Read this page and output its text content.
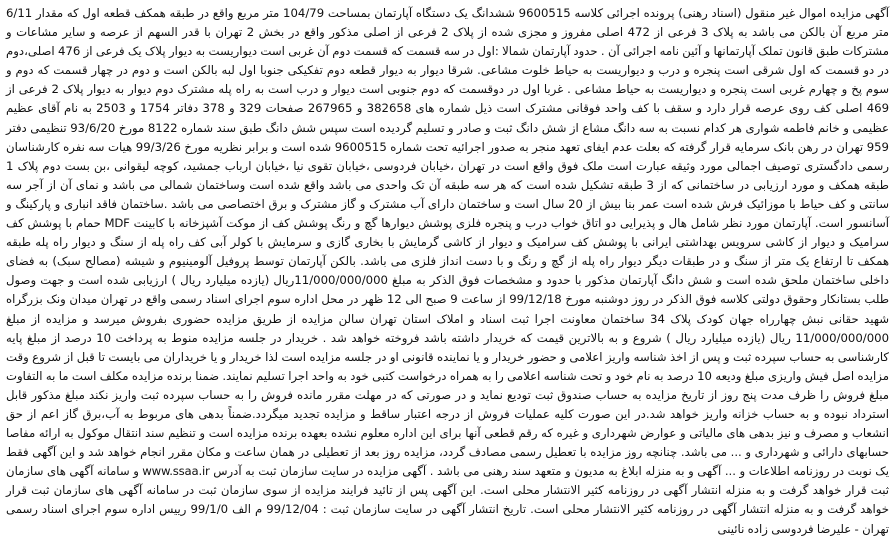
آگهی مزایده اموال غیر منقول (اسناد رهنی) پرونده اجرائی کلاسه 9600515 ششدانگ یک دستگاه آپارتمان بمساحت 104/79 متر مربع واقع در طبقه همکف قطعه اول که مقدار 6/11 متر مربع آن بالکن می باشد به پلاک 3 فرعی از 472 اصلی مفروز و مجزی شده از پلاک 2 فرعی از اصلی مذکور واقع در بخش 2 تهران با قدر السهم از عرصه و سایر مشاعات و مشترکات طبق قانون تملک آپارتمانها و آئین نامه اجرائی آن . حدود آپارتمان شمالا :اول در سه قسمت که قسمت دوم آن غربی است دیواریست به دیوار پلاک یک فرعی از 476 اصلی،دوم در دو قسمت که اول شرقی است پنجره و درب و دیواریست به حیاط خلوت مشاعی. شرقا دیوار به دیوار قطعه دوم تفکیکی جنوبا اول لبه بالکن است و دوم در چهار قسمت که دوم و سوم پخ و چهارم غربی است پنجره و دیواریست به حیاط مشاعی . غربا اول در دوقسمت که دوم جنوبی است دیوار و درب است به راه پله مشترک دوم دیوار به دیوار پلاک 2 فرعی از 469 اصلی کف روی عرصه قرار دارد و سقف با کف واحد فوقانی مشترک است ذیل شماره های 382658 و 267965 صفحات 329 و 378 دفاتر 1754 و 2503 به نام آقای عظیم عظیمی و خانم فاطمه شواری هر کدام نسبت به سه دانگ مشاع از شش دانگ ثبت و صادر و تسلیم گردیده است سپس شش دانگ طبق سند شماره 8122 مورخ 93/6/20 تنظیمی دفتر 959 تهران در رهن بانک سرمایه قرار گرفته که بعلت عدم ایفای تعهد منجر به صدور اجرائیه تحت شماره 9600515 شده است و برابر نظریه مورخ 99/3/26 هیات سه نفره کارشناسان رسمی دادگستری توصیف اجمالی مورد وثیقه عبارت است ملک فوق واقع است در تهران ،خیابان فردوسی ،خیابان تقوی نیا ،خیابان ارباب جمشید، کوچه لیقوانی ،بن بست دوم پلاک 1 طبقه همکف و مورد ارزیابی در ساختمانی که از 3 طبقه تشکیل شده است که هر سه طبقه آن تک واحدی می باشد واقع شده است وساختمان شمالی می باشد و نمای آن از آجر سه سانتی و کف حیاط با موزائیک فرش شده است عمر بنا بیش از 20 سال است و ساختمان دارای آب مشترک و گاز مشترک و برق اختصاصی می باشد .ساختمان فاقد انباری و پارکینگ و آسانسور است. آپارتمان مورد نظر شامل هال و پذیرایی دو اتاق خواب درب و پنجره فلزی پوشش دیوارها گچ و رنگ پوشش کف از موکت آشپزخانه با کابینت MDF حمام با پوشش کف سرامیک و دیوار از کاشی سرویس بهداشتی ایرانی با پوشش کف سرامیک و دیوار از کاشی گرمایش با بخاری گازی و سرمایش با کولر آبی کف راه پله از سنگ و دیوار راه پله طبقه همکف تا ارتفاع یک متر از سنگ و در طبقات دیگر دیوار راه پله از گچ و رنگ و با دست انداز فلزی می باشد. بالکن آپارتمان توسط پروفیل آلومینیوم و شیشه (مصالح سبک) به فضای داخلی ساختمان ملحق شده است و شش دانگ آپارتمان مذکور با حدود و مشخصات فوق الذکر به مبلغ 11/000/000/000ریال (یازده میلیارد ریال ) ارزیابی شده است و جهت وصول طلب بستانکار وحقوق دولتی کلاسه فوق الذکر در روز دوشنبه مورخ 99/12/18 از ساعت 9 صبح الی 12 ظهر در محل اداره سوم اجرای اسناد رسمی واقع در تهران میدان ونک بزرگراه شهید حقانی نبش چهارراه جهان کودک پلاک 34 ساختمان معاونت اجرا ثبت اسناد و املاک استان تهران سالن مزایده از طریق مزایده حضوری بفروش میرسد و مزایده از مبلغ 11/000/000/000 ریال (یازده میلیارد ریال ) شروع و به بالاترین قیمت که خریدار داشته باشد فروخته خواهد شد . خریدار در جلسه مزایده منوط به پرداخت 10 درصد از مبلغ پایه کارشناسی به حساب سپرده ثبت و پس از اخذ شناسه واریز اعلامی و حضور خریدار و یا نماینده قانونی او در جلسه مزایده است لذا خریدار و یا خریداران می بایست تا قبل از شروع وقت مزایده اصل فیش واریزی مبلغ ودیعه 10 درصد به نام خود و تحت شناسه اعلامی را به همراه درخواست کتبی خود به واحد اجرا تسلیم نمایند. ضمنا برنده مزایده مکلف است ما به التفاوت مبلغ فروش را ظرف مدت پنج روز از تاریخ مزایده به حساب صندوق ثبت تودیع نماید و در صورتی که در مهلت مقرر مانده فروش را به حساب سپرده ثبت واریز نکند مبلغ مذکور قابل استرداد نبوده و به حساب خزانه واریز خواهد شد.در این صورت کلیه عملیات فروش از درجه اعتبار ساقط و مزایده تجدید میگردد.ضمناً بدهی های مربوط به آب،برق گاز اعم از حق انشعاب و مصرف و نیز بدهی های مالیاتی و عوارض شهرداری و غیره که رقم قطعی آنها برای این اداره معلوم نشده بعهده برنده مزایده است و تنظیم سند انتقال موکول به ارائه مفاصا حسابهای دارائی و شهرداری و ... می باشد. چنانچه روز مزایده با تعطیل رسمی مصادف گردد، مزایده روز بعد از تعطیلی در همان ساعت و مکان مقرر انجام خواهد شد و این آگهی فقط یک نوبت در روزنامه اطلاعات و ... آگهی و به منزله ابلاغ به مدیون و متعهد سند رهنی می باشد . آگهی مزایده در سایت سازمان ثبت به آدرس www.ssaa.ir و سامانه آگهی های سازمان ثبت قرار خواهد گرفت و به منزله انتشار آگهی در روزنامه کثیر الانتشار محلی است. این آگهی پس از تائید فرایند مزایده از سوی سازمان ثبت در سامانه آگهی های سازمان ثبت قرار خواهد گرفت و به منزله انتشار آگهی در روزنامه کثیر الانتشار محلی است. تاریخ انتشار آگهی در سایت سازمان ثبت : 99/12/04 م الف 99/1/0 رییس اداره سوم اجرای اسناد رسمی تهران - علیرضا فردوسی زاده نائینی
